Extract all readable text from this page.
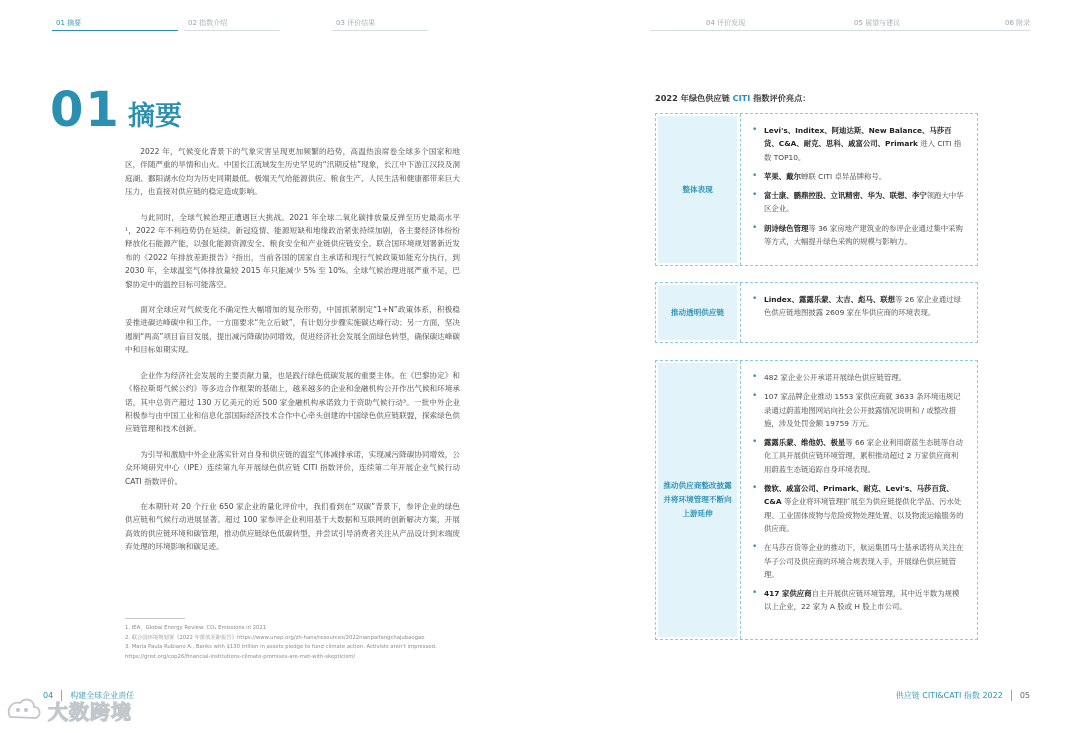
01 摘要	02 指数介绍	03 评价结果	04 评价发现	05 展望与建议	06 附录
01 摘要

2022 年，气候变化背景下的气象灾害呈现更加频繁的趋势，高温热浪席卷全球多个国家和地区，伴随严重的旱情和山火。中国长江流域发生历史罕见的“汛期反枯”现象，长江中下游江汉段及洞庭湖、鄱阳湖水位均为历史同期最低。极端天气给能源供应、粮食生产、人民生活和健康都带来巨大压力，也直接对供应链的稳定造成影响。

与此同时，全球气候治理正遭遇巨大挑战。2021 年全球二氧化碳排放量反弹至历史最高水平¹，2022 年不利趋势仍在延续。新冠疫情、能源短缺和地缘政治紧张持续加剧，各主要经济体纷纷释放化石能源产能，以强化能源资源安全、粮食安全和产业链供应链安全。联合国环境规划署新近发布的《2022 年排放差距报告》²指出，当前各国的国家自主承诺和现行气候政策如能充分执行，到 2030 年，全球温室气体排放量较 2015 年只能减少 5% 至 10%。全球气候治理进展严重不足，巴黎协定中的温控目标可能落空。

面对全球应对气候变化不确定性大幅增加的复杂形势，中国抓紧制定“1+N”政策体系，积极稳妥推进碳达峰碳中和工作。一方面要求“先立后破”，有计划分步骤实施碳达峰行动；另一方面，坚决遏制“两高”项目盲目发展，提出减污降碳协同增效，促进经济社会发展全面绿色转型，确保碳达峰碳中和目标如期实现。

企业作为经济社会发展的主要贡献力量，也是践行绿色低碳发展的重要主体。在《巴黎协定》和《格拉斯哥气候公约》等多边合作框架的基础上，越来越多的企业和金融机构公开作出气候和环境承诺，其中总资产超过 130 万亿美元的近 500 家金融机构承诺致力于资助气候行动³。一批中外企业积极参与由中国工业和信息化部国际经济技术合作中心牵头创建的中国绿色供应链联盟，探索绿色供应链管理和技术创新。

为引导和激励中外企业落实针对自身和供应链的温室气体减排承诺，实现减污降碳协同增效，公众环境研究中心（IPE）连续第九年开展绿色供应链 CITI 指数评价，连续第二年开展企业气候行动 CATI 指数评价。

在本期针对 20 个行业 650 家企业的量化评价中，我们看到在“双碳”背景下，参评企业的绿色供应链和气候行动进展显著。超过 100 家参评企业利用基于大数据和互联网的创新解决方案，开展高效的供应链环境和碳管理，推动供应链绿色低碳转型，并尝试引导消费者关注从产品设计到末端废弃处理的环境影响和碳足迹。

1. IEA，Global Energy Review: CO₂ Emissions in 2021
2. 联合国环境规划署《2022 年排放差距报告》https://www.unep.org/zh-hans/resources/2022nianpaifangchajubaogao
3. Maria Paula Rubiano A., Banks with $130 trillion in assets pledge to fund climate action. Activists aren't impressed.
https://grist.org/cop26/financial-institutions-climate-promises-are-met-with-skepticism/
2022 年绿色供应链 CITI 指数评价亮点：
整体表现
• Levi's、Inditex、阿迪达斯、New Balance、马莎百货、C&A、耐克、思科、戚富公司、Primark 进入 CITI 指数 TOP10。
• 苹果、戴尔蝉联 CITI 卓异品牌称号。
• 富士康、鹏鼎控股、立讯精密、华为、联想、李宁领跑大中华区企业。
• 朗诗绿色管理等 36 家房地产建筑业的参评企业通过集中采购等方式，大幅提升绿色采购的规模与影响力。
推动透明供应链
• Lindex、露露乐蒙、太吉、彪马、联想等 26 家企业通过绿色供应链地图披露 2609 家在华供应商的环境表现。
推动供应商整改披露并将环境管理不断向上游延伸
• 482 家企业公开承诺开展绿色供应链管理。
• 107 家品牌企业推动 1553 家供应商就 3633 条环境违规记录通过蔚蓝地图网站向社会公开披露情况说明和 / 或整改措施，涉及处罚金额 19759 万元。
• 露露乐蒙、维他奶、极星等 66 家企业利用蔚蓝生态链等自动化工具开展供应链环境管理，累积推动超过 2 万家供应商利用蔚蓝生态链追踪自身环境表现。
• 微软、戚富公司、Primark、耐克、Levi's、马莎百货、C&A 等企业将环境管理扩展至为供应链提供化学品、污水处理、工业固体废物与危险废物处理处置、以及物流运输服务的供应商。
• 在马莎百货等企业的推动下，航运集团马士基承诺将从关注在华子公司及供应商的环境合规表现入手，开展绿色供应链管理。
• 417 家供应商自主开展供应链环境管理，其中近半数为规模以上企业，22 家为 A 股或 H 股上市公司。
04 构建全球企业责任	供应链 CITI&CATI 指数 2022 05
大数跨境
